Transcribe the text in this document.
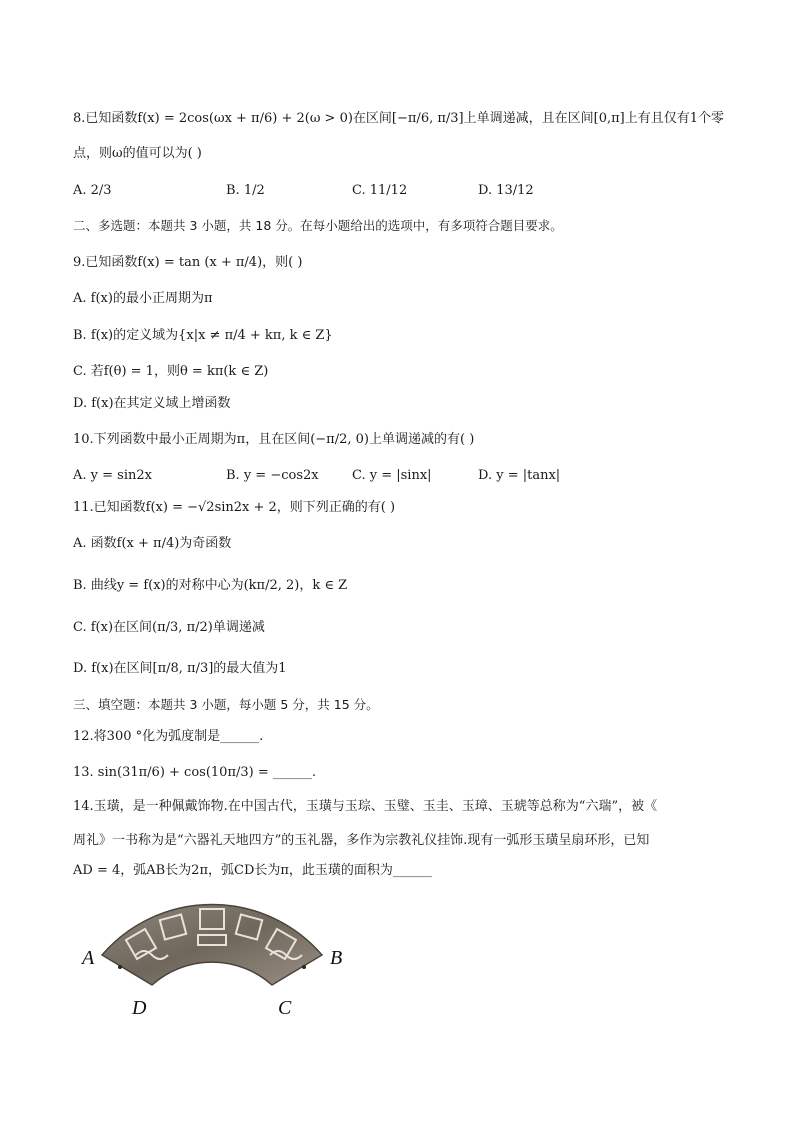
8.已知函数f(x) = 2cos(ωx + π/6) + 2(ω > 0)在区间[−π/6, π/3]上单调递减，且在区间[0,π]上有且仅有1个零
点，则ω的值可以为( )
A. 2/3	B. 1/2	C. 11/12	D. 13/12
二、多选题：本题共 3 小题，共 18 分。在每小题给出的选项中，有多项符合题目要求。
9.已知函数f(x) = tan (x + π/4)，则( )
A. f(x)的最小正周期为π
B. f(x)的定义域为{x|x ≠ π/4 + kπ, k ∈ Z}
C. 若f(θ) = 1，则θ = kπ(k ∈ Z)
D. f(x)在其定义域上增函数
10.下列函数中最小正周期为π，且在区间(−π/2, 0)上单调递减的有( )
A. y = sin2x	B. y = −cos2x	C. y = |sinx|	D. y = |tanx|
11.已知函数f(x) = −√2sin2x + 2，则下列正确的有( )
A. 函数f(x + π/4)为奇函数
B. 曲线y = f(x)的对称中心为(kπ/2, 2)，k ∈ Z
C. f(x)在区间(π/3, π/2)单调递减
D. f(x)在区间[π/8, π/3]的最大值为1
三、填空题：本题共 3 小题，每小题 5 分，共 15 分。
12.将300 °化为弧度制是______.
13. sin(31π/6) + cos(10π/3) = ______.
14.玉璜，是一种佩戴饰物.在中国古代，玉璜与玉琮、玉璧、玉圭、玉璋、玉琥等总称为“六瑞”，被《
周礼》一书称为是“六器礼天地四方”的玉礼器，多作为宗教礼仪挂饰.现有一弧形玉璜呈扇环形，已知
AD = 4，弧AB长为2π，弧CD长为π，此玉璜的面积为______
A	B
D	C
